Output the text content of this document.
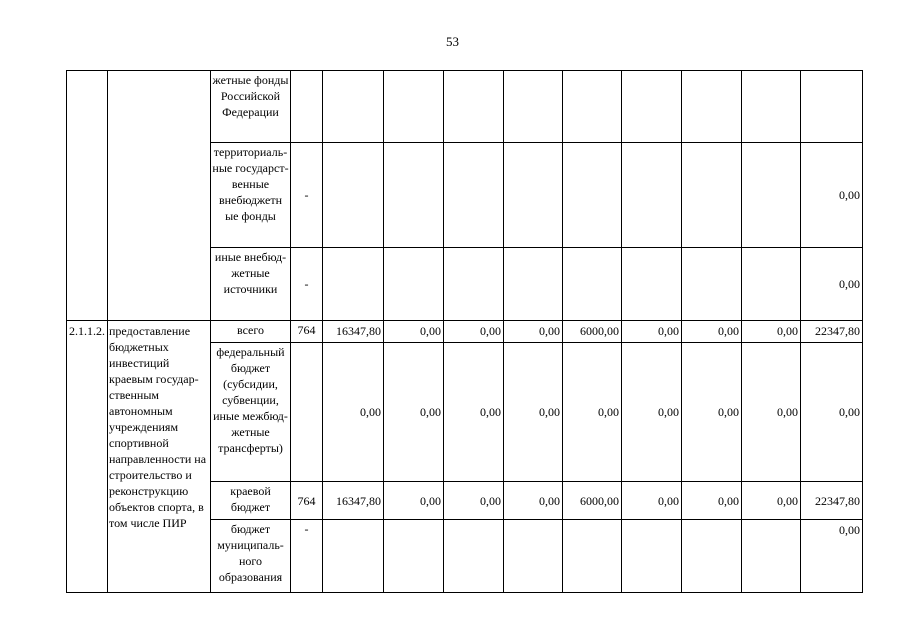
53
		жетные фонды Российской Федерации										
		территориаль-ные государст-венные внебюджетн ые фонды	-									0,00
		иные внебюд-жетные источники	-									0,00
2.1.1.2.	предоставление бюджетных инвестиций краевым государ-ственным автономным учреждениям спортивной направленности на строительство и реконструкцию объектов спорта, в том числе ПИР	всего	764	16347,80	0,00	0,00	0,00	6000,00	0,00	0,00	0,00	22347,80
		федеральный бюджет (субсидии, субвенции, иные межбюд-жетные трансферты)		0,00	0,00	0,00	0,00	0,00	0,00	0,00	0,00	0,00
		краевой бюджет	764	16347,80	0,00	0,00	0,00	6000,00	0,00	0,00	0,00	22347,80
		бюджет муниципаль-ного образования	-									0,00
